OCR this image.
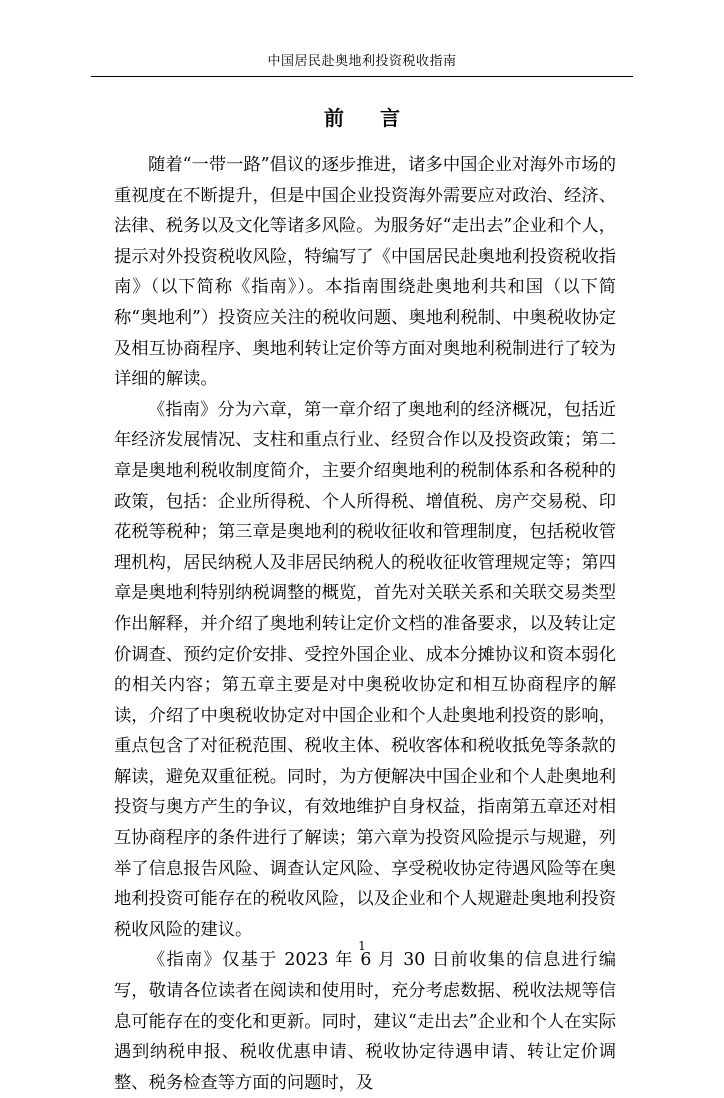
中国居民赴奥地利投资税收指南
前言

随着“一带一路”倡议的逐步推进，诸多中国企业对海外市场的重视度在不断提升，但是中国企业投资海外需要应对政治、经济、法律、税务以及文化等诸多风险。为服务好“走出去”企业和个人，提示对外投资税收风险，特编写了《中国居民赴奥地利投资税收指南》（以下简称《指南》）。本指南围绕赴奥地利共和国（以下简称“奥地利”）投资应关注的税收问题、奥地利税制、中奥税收协定及相互协商程序、奥地利转让定价等方面对奥地利税制进行了较为详细的解读。

《指南》分为六章，第一章介绍了奥地利的经济概况，包括近年经济发展情况、支柱和重点行业、经贸合作以及投资政策；第二章是奥地利税收制度简介，主要介绍奥地利的税制体系和各税种的政策，包括：企业所得税、个人所得税、增值税、房产交易税、印花税等税种；第三章是奥地利的税收征收和管理制度，包括税收管理机构，居民纳税人及非居民纳税人的税收征收管理规定等；第四章是奥地利特别纳税调整的概览，首先对关联关系和关联交易类型作出解释，并介绍了奥地利转让定价文档的准备要求，以及转让定价调查、预约定价安排、受控外国企业、成本分摊协议和资本弱化的相关内容；第五章主要是对中奥税收协定和相互协商程序的解读，介绍了中奥税收协定对中国企业和个人赴奥地利投资的影响，重点包含了对征税范围、税收主体、税收客体和税收抵免等条款的解读，避免双重征税。同时，为方便解决中国企业和个人赴奥地利投资与奥方产生的争议，有效地维护自身权益，指南第五章还对相互协商程序的条件进行了解读；第六章为投资风险提示与规避，列举了信息报告风险、调查认定风险、享受税收协定待遇风险等在奥地利投资可能存在的税收风险，以及企业和个人规避赴奥地利投资税收风险的建议。

《指南》仅基于 2023 年 6 月 30 日前收集的信息进行编写，敬请各位读者在阅读和使用时，充分考虑数据、税收法规等信息可能存在的变化和更新。同时，建议“走出去”企业和个人在实际遇到纳税申报、税收优惠申请、税收协定待遇申请、转让定价调整、税务检查等方面的问题时，及

1
